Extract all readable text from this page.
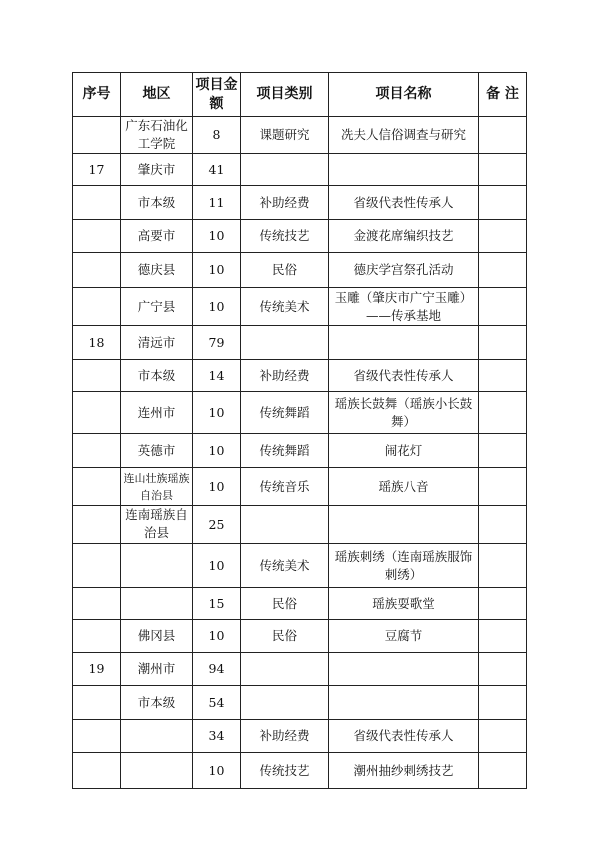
序号	地区	项目金额	项目类别	项目名称	备 注
	广东石油化工学院	8	课题研究	冼夫人信俗调查与研究	
17	肇庆市	41			
	市本级	11	补助经费	省级代表性传承人	
	高要市	10	传统技艺	金渡花席编织技艺	
	德庆县	10	民俗	德庆学宫祭孔活动	
	广宁县	10	传统美术	玉雕（肇庆市广宁玉雕）——传承基地	
18	清远市	79			
	市本级	14	补助经费	省级代表性传承人	
	连州市	10	传统舞蹈	瑶族长鼓舞（瑶族小长鼓舞）	
	英德市	10	传统舞蹈	闹花灯	
	连山壮族瑶族自治县	10	传统音乐	瑶族八音	
	连南瑶族自治县	25			
		10	传统美术	瑶族刺绣（连南瑶族服饰刺绣）	
		15	民俗	瑶族耍歌堂	
	佛冈县	10	民俗	豆腐节	
19	潮州市	94			
	市本级	54			
		34	补助经费	省级代表性传承人	
		10	传统技艺	潮州抽纱刺绣技艺	
